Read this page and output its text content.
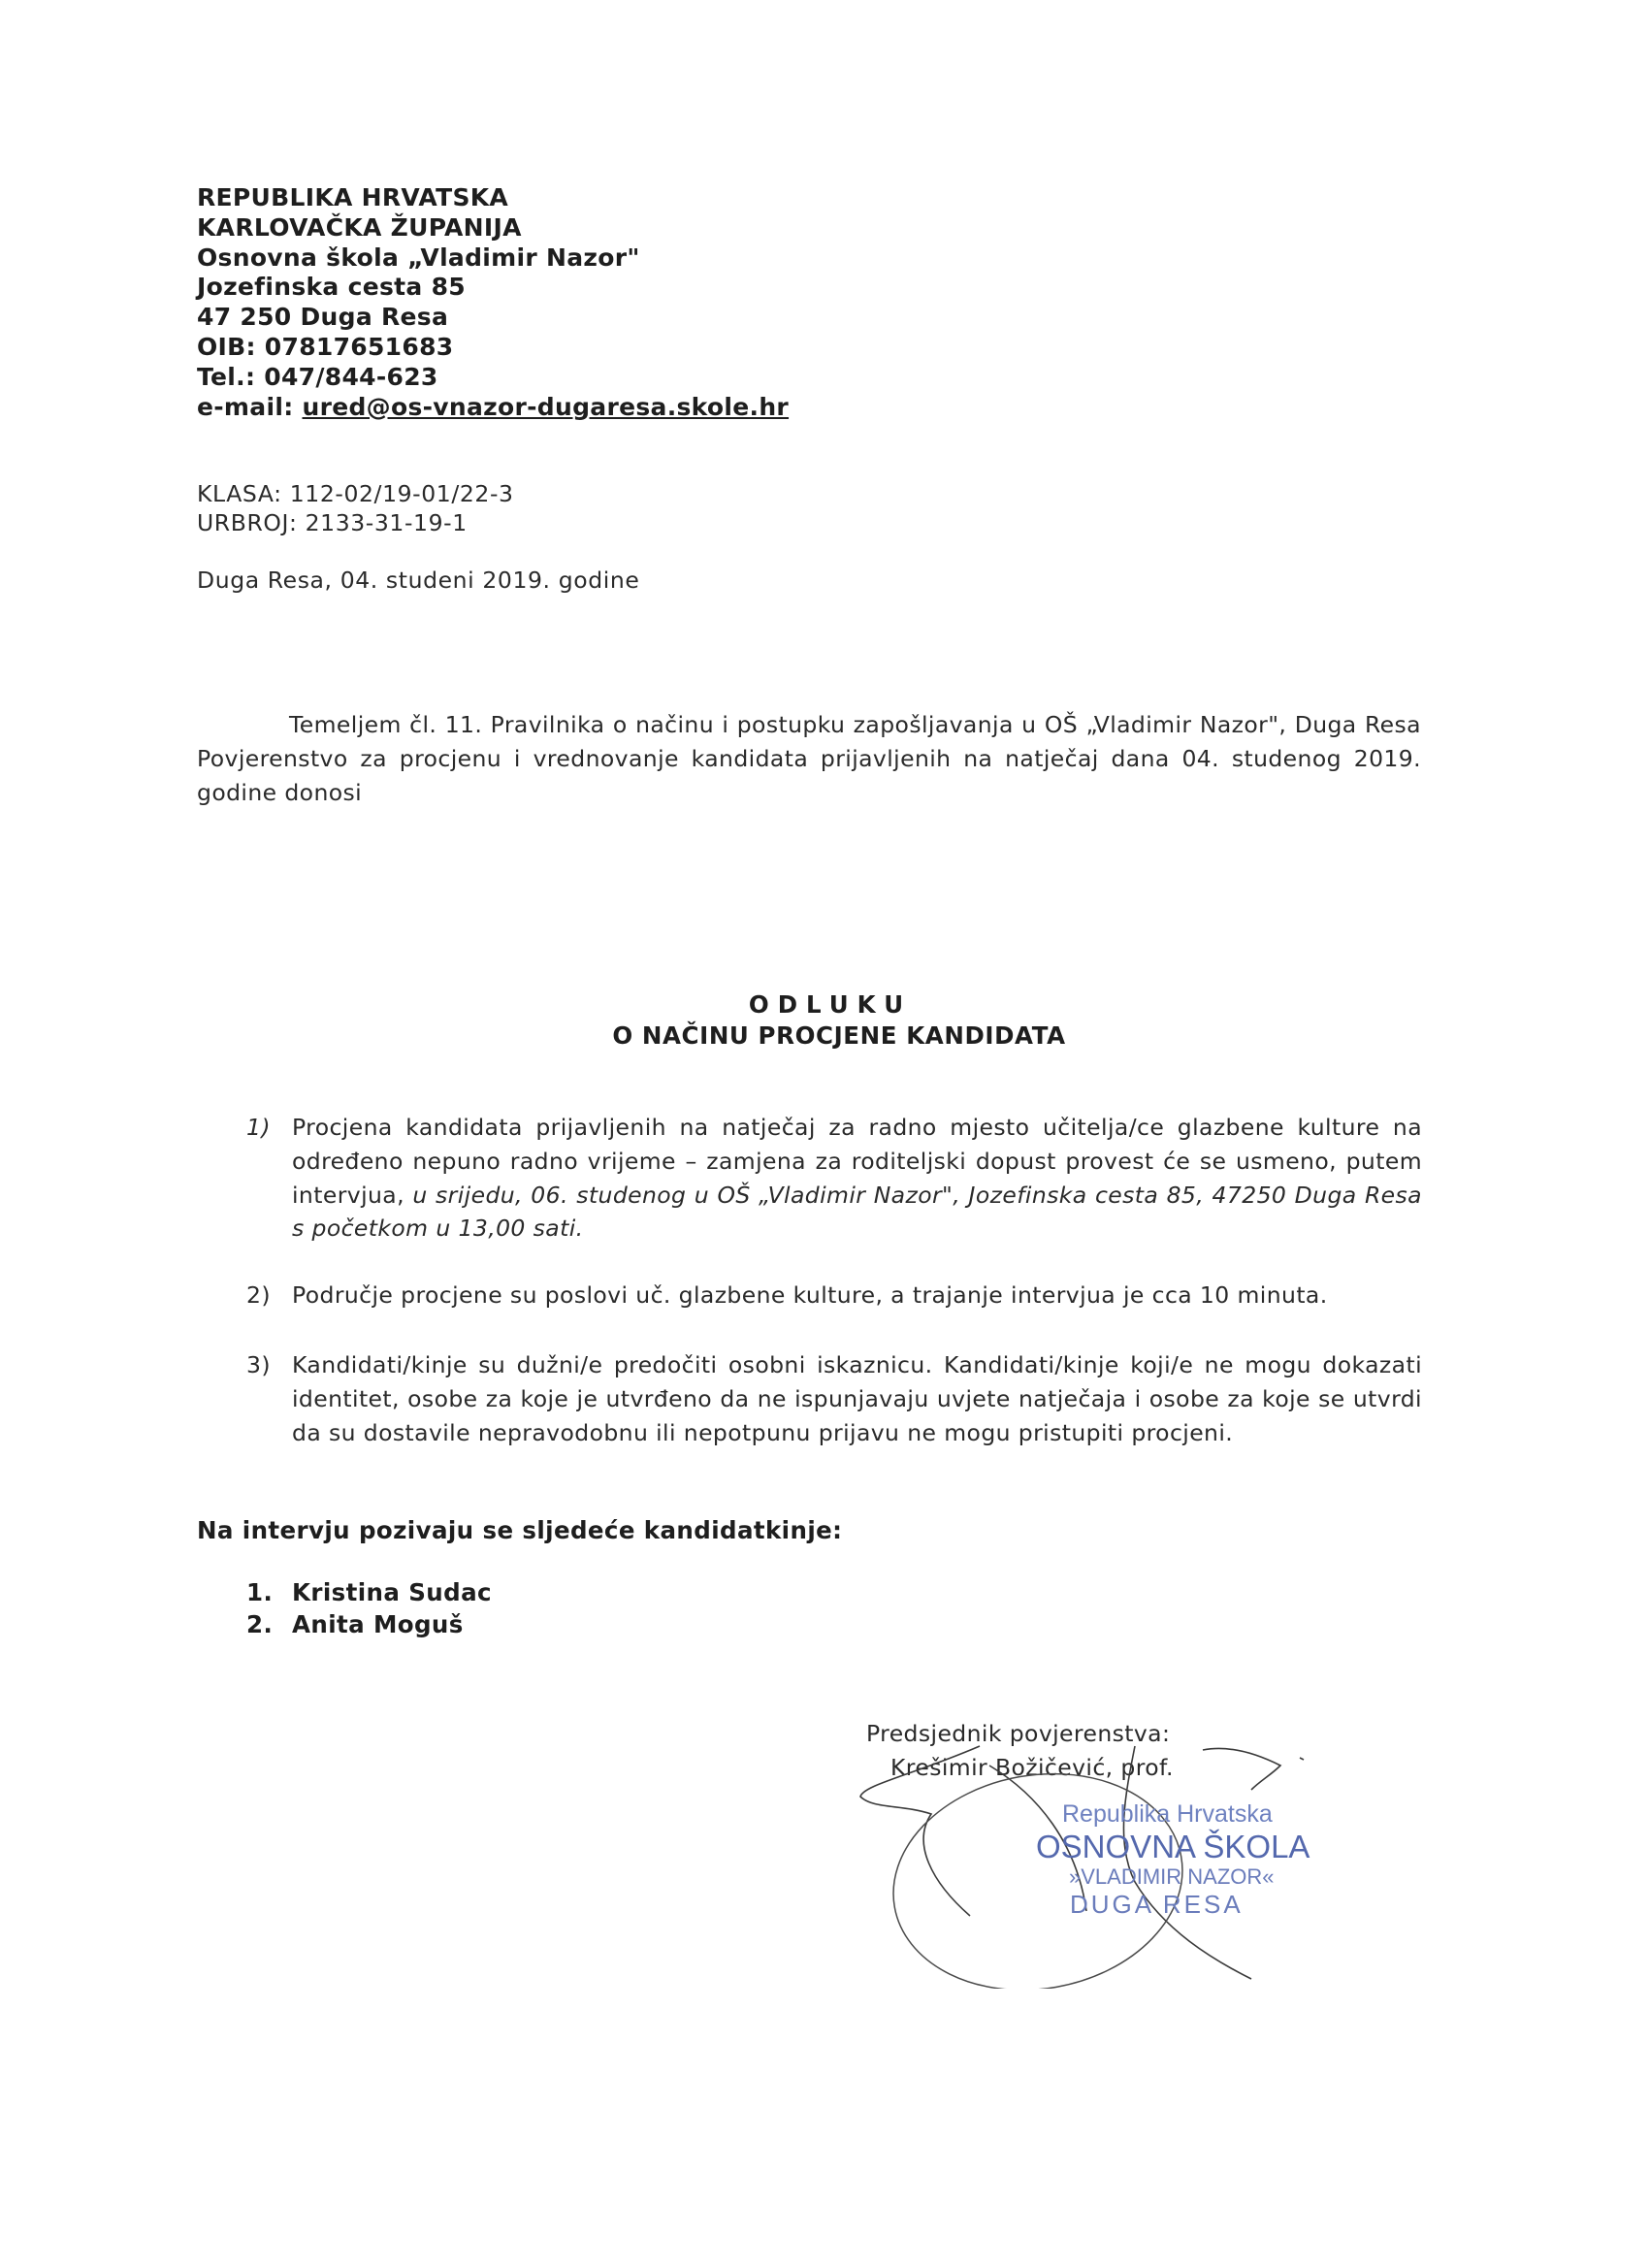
REPUBLIKA HRVATSKA
KARLOVAČKA ŽUPANIJA
Osnovna škola „Vladimir Nazor"
Jozefinska cesta 85
47 250 Duga Resa
OIB: 07817651683
Tel.: 047/844-623
e-mail: ured@os-vnazor-dugaresa.skole.hr
KLASA: 112-02/19-01/22-3
URBROJ: 2133-31-19-1
Duga Resa, 04. studeni 2019. godine
Temeljem čl. 11. Pravilnika o načinu i postupku zapošljavanja u OŠ „Vladimir Nazor", Duga Resa Povjerenstvo za procjenu i vrednovanje kandidata prijavljenih na natječaj dana 04. studenog 2019. godine donosi
ODLUKU
O NAČINU PROCJENE KANDIDATA
1) Procjena kandidata prijavljenih na natječaj za radno mjesto učitelja/ce glazbene kulture na određeno nepuno radno vrijeme – zamjena za roditeljski dopust provest će se usmeno, putem intervjua, u srijedu, 06. studenog u OŠ „Vladimir Nazor", Jozefinska cesta 85, 47250 Duga Resa s početkom u 13,00 sati.
2) Područje procjene su poslovi uč. glazbene kulture, a trajanje intervjua je cca 10 minuta.
3) Kandidati/kinje su dužni/e predočiti osobni iskaznicu. Kandidati/kinje koji/e ne mogu dokazati identitet, osobe za koje je utvrđeno da ne ispunjavaju uvjete natječaja i osobe za koje se utvrdi da su dostavile nepravodobnu ili nepotpunu prijavu ne mogu pristupiti procjeni.
Na intervju pozivaju se sljedeće kandidatkinje:
1. Kristina Sudac
2. Anita Moguš
Predsjednik povjerenstva:
Krešimir Božičević, prof.
Republika Hrvatska
OSNOVNA ŠKOLA
»VLADIMIR NAZOR«
DUGA RESA
